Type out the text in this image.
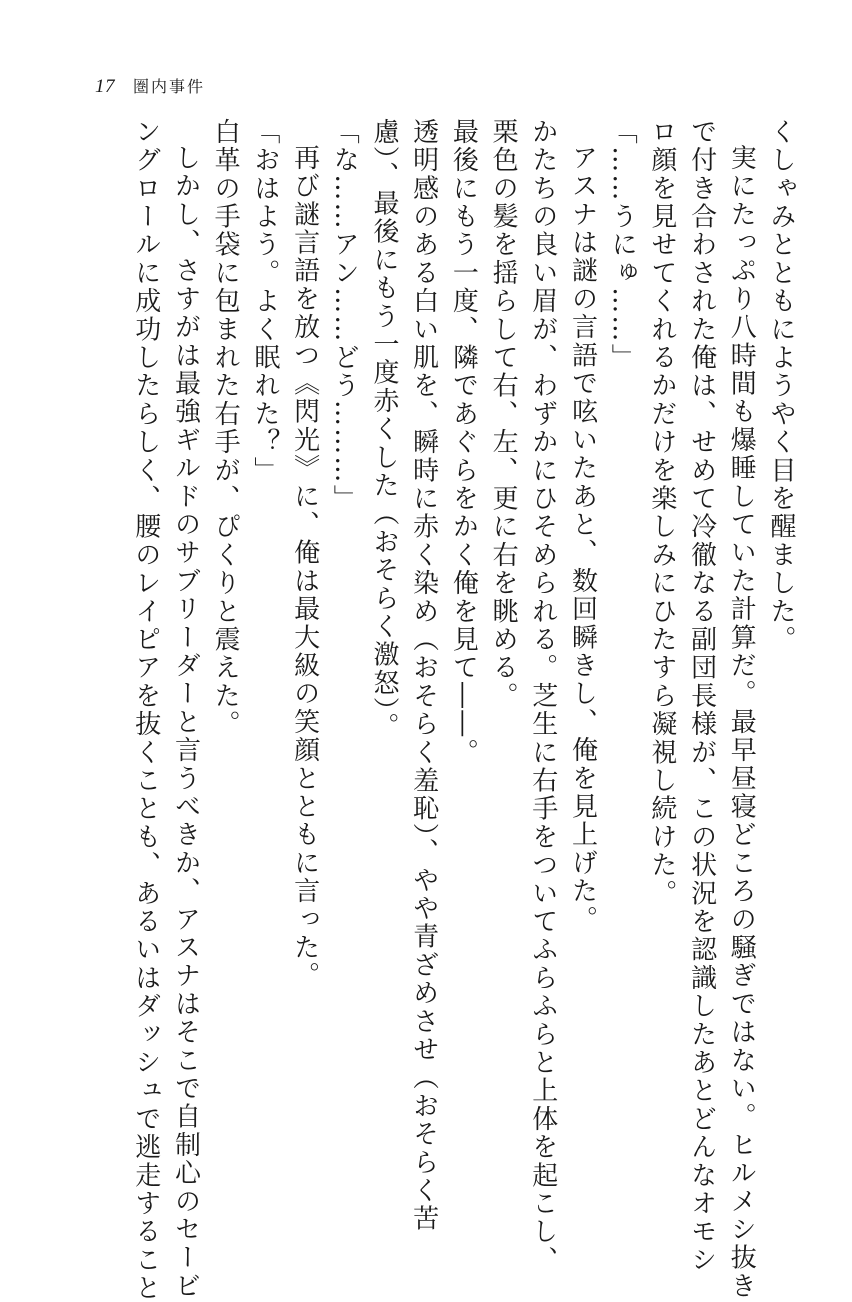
17 圏内事件
くしゃみとともにようやく目を醒ました。
実にたっぷり八時間も爆睡していた計算だ。最早昼寝どころの騒ぎではない。ヒルメシ抜き
で付き合わされた俺は、せめて冷徹なる副団長様が、この状況を認識したあとどんなオモシ
ロ顔を見せてくれるかだけを楽しみにひたすら凝視し続けた。
「……うにゅ……」
アスナは謎の言語で呟いたあと、数回瞬きし、俺を見上げた。
かたちの良い眉が、わずかにひそめられる。芝生に右手をついてふらふらと上体を起こし、
栗色の髪を揺らして右、左、更に右を眺める。
最後にもう一度、隣であぐらをかく俺を見て――。
透明感のある白い肌を、瞬時に赤く染め（おそらく羞恥）、やや青ざめさせ（おそらく苦
慮）、最後にもう一度赤くした（おそらく激怒）。
「な……アン……どう………」
再び謎言語を放つ《閃光》に、俺は最大級の笑顔とともに言った。
「おはよう。よく眠れた？」
白革の手袋に包まれた右手が、ぴくりと震えた。
しかし、さすがは最強ギルドのサブリーダーと言うべきか、アスナはそこで自制心のセービ
ングロールに成功したらしく、腰のレイピアを抜くことも、あるいはダッシュで逃走すること
